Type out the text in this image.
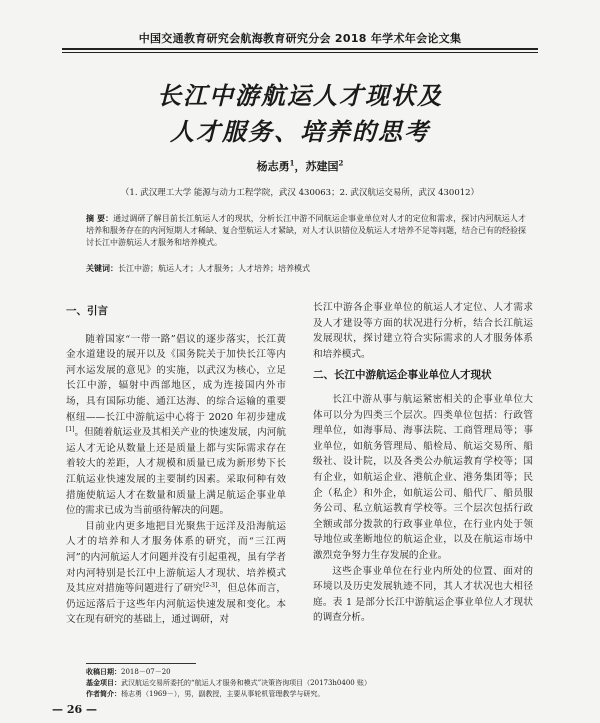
中国交通教育研究会航海教育研究分会 2018 年学术年会论文集
长江中游航运人才现状及
人才服务、培养的思考
杨志勇$^1$，苏建国$^2$
（1. 武汉理工大学 能源与动力工程学院，武汉 430063；2. 武汉航运交易所，武汉 430012）
摘 要：通过调研了解目前长江航运人才的现状，分析长江中游不同航运企事业单位对人才的定位和需求，探讨内河航运人才培养和服务存在的内河短期人才稀缺、复合型航运人才紧缺，对人才认识错位及航运人才培养不足等问题，结合已有的经验探讨长江中游航运人才服务和培养模式。
关键词：长江中游；航运人才；人才服务；人才培养；培养模式
一、引言

随着国家“一带一路”倡议的逐步落实，长江黄金水道建设的展开以及《国务院关于加快长江等内河水运发展的意见》的实施，以武汉为核心，立足长江中游，辐射中西部地区，成为连接国内外市场，具有国际功能、通江达海、的综合运输的重要枢纽——长江中游航运中心将于 2020 年初步建成[1]。但随着航运业及其相关产业的快速发展，内河航运人才无论从数量上还是质量上都与实际需求存在着较大的差距，人才规模和质量已成为新形势下长江航运业快速发展的主要制约因素。采取何种有效措施使航运人才在数量和质量上满足航运企事业单位的需求已成为当前亟待解决的问题。

目前业内更多地把目光聚焦于远洋及沿海航运人才的培养和人才服务体系的研究，而“三江两河”的内河航运人才问题并没有引起重视，虽有学者对内河特别是长江中上游航运人才现状、培养模式及其应对措施等问题进行了研究[2-3]，但总体而言，仍远远落后于这些年内河航运快速发展和变化。本文在现有研究的基础上，通过调研，对

长江中游各企事业单位的航运人才定位、人才需求及人才建设等方面的状况进行分析，结合长江航运发展现状，探讨建立符合实际需求的人才服务体系和培养模式。

二、长江中游航运企事业单位人才现状

长江中游从事与航运紧密相关的企事业单位大体可以分为四类三个层次。四类单位包括：行政管理单位，如海事局、海事法院、工商管理局等；事业单位，如航务管理局、船检局、航运交易所、船级社、设计院，以及各类公办航运教育学校等；国有企业，如航运企业、港航企业、港务集团等；民企（私企）和外企，如航运公司、船代厂、船员服务公司、私立航运教育学校等。三个层次包括行政全额或部分拨款的行政事业单位，在行业内处于领导地位或垄断地位的航运企业，以及在航运市场中激烈竞争努力生存发展的企业。

这些企事业单位在行业内所处的位置、面对的环境以及历史发展轨迹不同，其人才状况也大相径庭。表 1 是部分长江中游航运企事业单位人才现状的调查分析。

收稿日期：2018－07－20
基金项目：武汉航运交易所委托的“航运人才服务和模式”决策咨询项目（20173h0400 账）
作者简介：杨志勇（1969－），男，副教授，主要从事轮机管理教学与研究。
— 26 —
